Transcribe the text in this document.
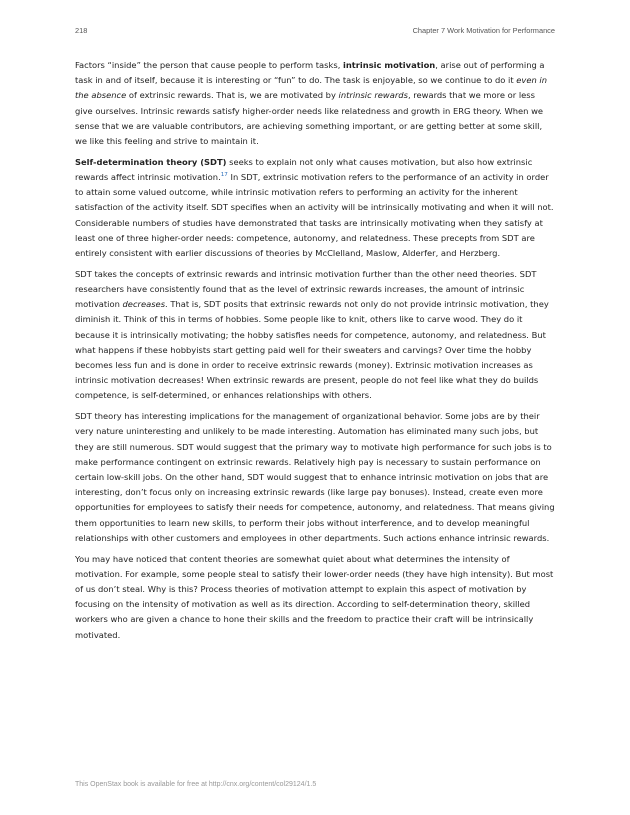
218	Chapter 7 Work Motivation for Performance

Factors “inside” the person that cause people to perform tasks, intrinsic motivation, arise out of performing a task in and of itself, because it is interesting or “fun” to do. The task is enjoyable, so we continue to do it even in the absence of extrinsic rewards. That is, we are motivated by intrinsic rewards, rewards that we more or less give ourselves. Intrinsic rewards satisfy higher-order needs like relatedness and growth in ERG theory. When we sense that we are valuable contributors, are achieving something important, or are getting better at some skill, we like this feeling and strive to maintain it.

Self-determination theory (SDT) seeks to explain not only what causes motivation, but also how extrinsic rewards affect intrinsic motivation.$^{17}$ In SDT, extrinsic motivation refers to the performance of an activity in order to attain some valued outcome, while intrinsic motivation refers to performing an activity for the inherent satisfaction of the activity itself. SDT specifies when an activity will be intrinsically motivating and when it will not. Considerable numbers of studies have demonstrated that tasks are intrinsically motivating when they satisfy at least one of three higher-order needs: competence, autonomy, and relatedness. These precepts from SDT are entirely consistent with earlier discussions of theories by McClelland, Maslow, Alderfer, and Herzberg.

SDT takes the concepts of extrinsic rewards and intrinsic motivation further than the other need theories. SDT researchers have consistently found that as the level of extrinsic rewards increases, the amount of intrinsic motivation decreases. That is, SDT posits that extrinsic rewards not only do not provide intrinsic motivation, they diminish it. Think of this in terms of hobbies. Some people like to knit, others like to carve wood. They do it because it is intrinsically motivating; the hobby satisfies needs for competence, autonomy, and relatedness. But what happens if these hobbyists start getting paid well for their sweaters and carvings? Over time the hobby becomes less fun and is done in order to receive extrinsic rewards (money). Extrinsic motivation increases as intrinsic motivation decreases! When extrinsic rewards are present, people do not feel like what they do builds competence, is self-determined, or enhances relationships with others.

SDT theory has interesting implications for the management of organizational behavior. Some jobs are by their very nature uninteresting and unlikely to be made interesting. Automation has eliminated many such jobs, but they are still numerous. SDT would suggest that the primary way to motivate high performance for such jobs is to make performance contingent on extrinsic rewards. Relatively high pay is necessary to sustain performance on certain low-skill jobs. On the other hand, SDT would suggest that to enhance intrinsic motivation on jobs that are interesting, don’t focus only on increasing extrinsic rewards (like large pay bonuses). Instead, create even more opportunities for employees to satisfy their needs for competence, autonomy, and relatedness. That means giving them opportunities to learn new skills, to perform their jobs without interference, and to develop meaningful relationships with other customers and employees in other departments. Such actions enhance intrinsic rewards.

You may have noticed that content theories are somewhat quiet about what determines the intensity of motivation. For example, some people steal to satisfy their lower-order needs (they have high intensity). But most of us don’t steal. Why is this? Process theories of motivation attempt to explain this aspect of motivation by focusing on the intensity of motivation as well as its direction. According to self-determination theory, skilled workers who are given a chance to hone their skills and the freedom to practice their craft will be intrinsically motivated.

This OpenStax book is available for free at http://cnx.org/content/col29124/1.5
